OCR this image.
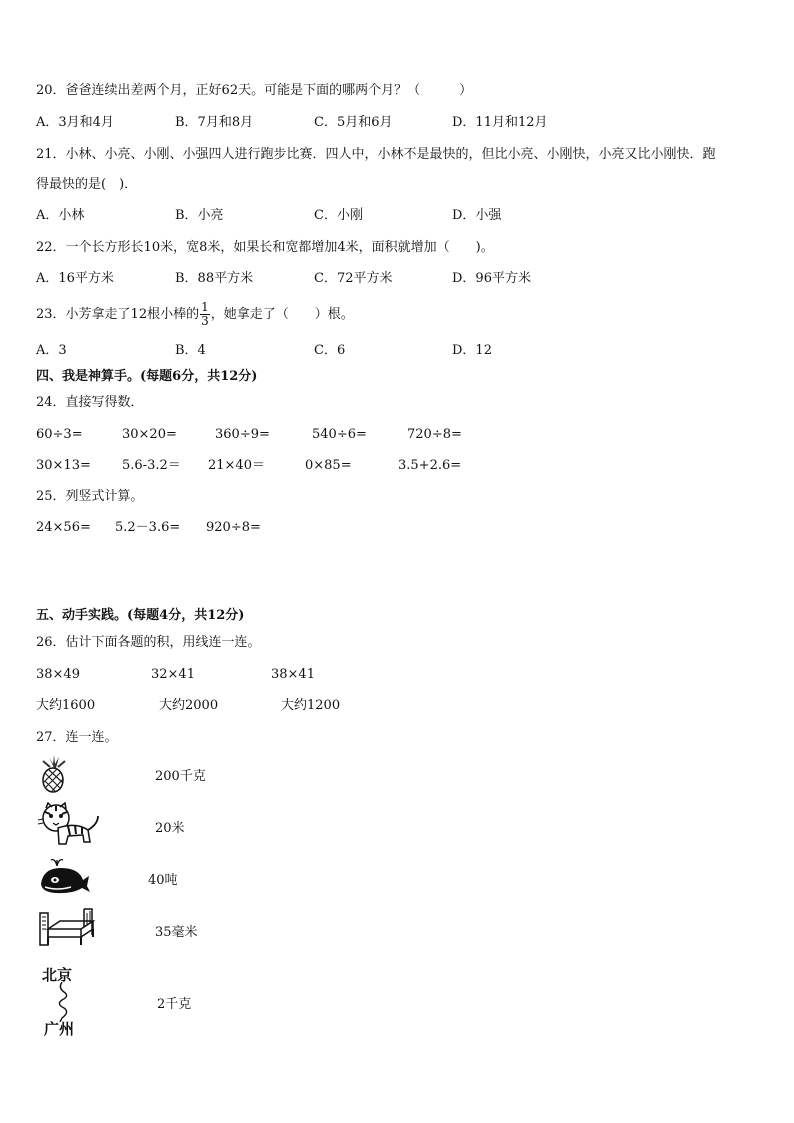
20．爸爸连续出差两个月，正好62天。可能是下面的哪两个月？（　　　）
A．3月和4月	B．7月和8月	C．5月和6月	D．11月和12月
21．小林、小亮、小刚、小强四人进行跑步比赛．四人中，小林不是最快的，但比小亮、小刚快，小亮又比小刚快．跑
得最快的是(　)．
A．小林	B．小亮	C．小刚	D．小强
22．一个长方形长10米，宽8米，如果长和宽都增加4米，面积就增加（　　)。
A．16平方米	B．88平方米	C．72平方米	D．96平方米
23．小芳拿走了12根小棒的 $\frac{1}{3}$ ，她拿走了（　　）根。
A．3	B．4	C．6	D．12
四、我是神算手。(每题6分，共12分)
24．直接写得数．
60÷3=	30×20=	360÷9=	540÷6=	720÷8=
30×13= 5.6-3.2＝ 21×40＝	0×85=	3.5+2.6=
25．列竖式计算。
24×56= 5.2－3.6= 920÷8=
五、动手实践。(每题4分，共12分)
26．估计下面各题的积，用线连一连。
38×49	32×41	38×41
大约1600	大约2000	大约1200
27．连一连。
200千克
20米
40吨
35毫米
北京
广州
2千克
